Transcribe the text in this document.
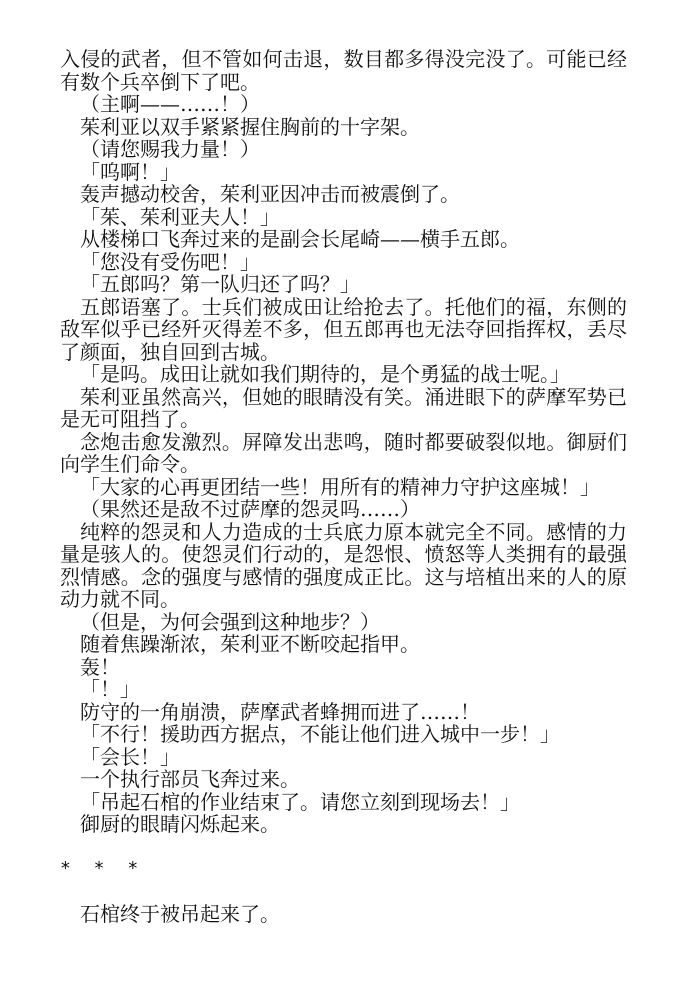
入侵的武者，但不管如何击退，数目都多得没完没了。可能已经有数个兵卒倒下了吧。

（主啊——……！）

茱利亚以双手紧紧握住胸前的十字架。

（请您赐我力量！）

「呜啊！」

轰声撼动校舍，茱利亚因冲击而被震倒了。

「茱、茱利亚夫人！」

从楼梯口飞奔过来的是副会长尾崎——横手五郎。

「您没有受伤吧！」

「五郎吗？第一队归还了吗？」

五郎语塞了。士兵们被成田让给抢去了。托他们的福，东侧的敌军似乎已经歼灭得差不多，但五郎再也无法夺回指挥权，丢尽了颜面，独自回到古城。

「是吗。成田让就如我们期待的，是个勇猛的战士呢。」

茱利亚虽然高兴，但她的眼睛没有笑。涌进眼下的萨摩军势已是无可阻挡了。

念炮击愈发激烈。屏障发出悲鸣，随时都要破裂似地。御厨们向学生们命令。

「大家的心再更团结一些！用所有的精神力守护这座城！」

（果然还是敌不过萨摩的怨灵吗……）

纯粹的怨灵和人力造成的士兵底力原本就完全不同。感情的力量是骇人的。使怨灵们行动的，是怨恨、愤怒等人类拥有的最强烈情感。念的强度与感情的强度成正比。这与培植出来的人的原动力就不同。

（但是，为何会强到这种地步？）

随着焦躁渐浓，茱利亚不断咬起指甲。

轰！

「！」

防守的一角崩溃，萨摩武者蜂拥而进了……！

「不行！援助西方据点，不能让他们进入城中一步！」

「会长！」

一个执行部员飞奔过来。

「吊起石棺的作业结束了。请您立刻到现场去！」

御厨的眼睛闪烁起来。

* * *

石棺终于被吊起来了。
